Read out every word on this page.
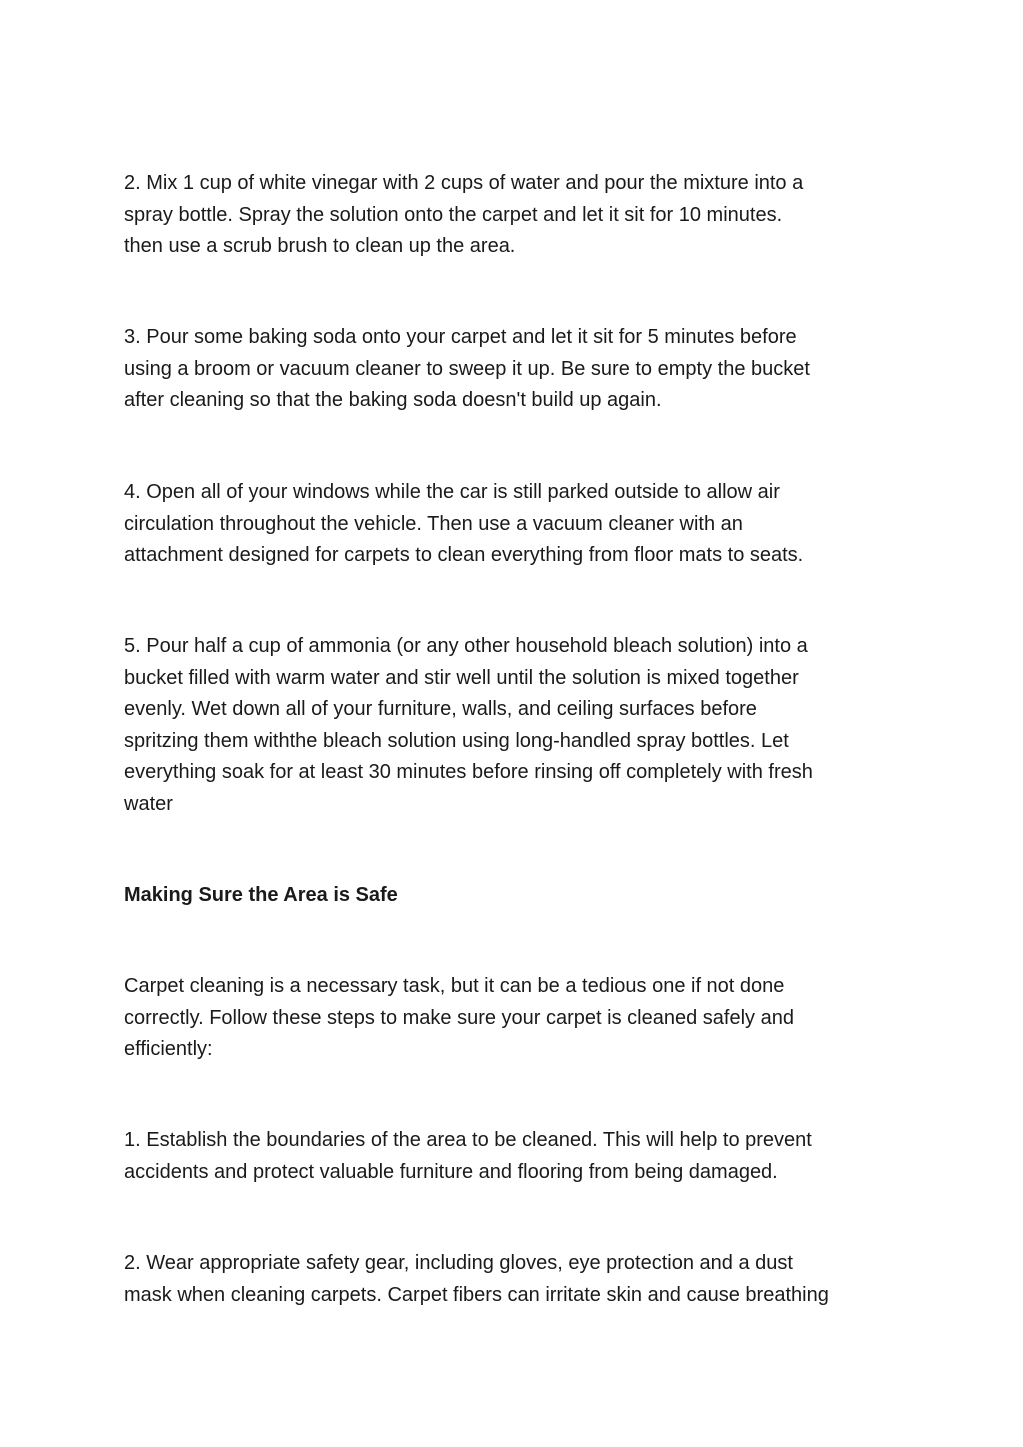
2. Mix 1 cup of white vinegar with 2 cups of water and pour the mixture into a
spray bottle. Spray the solution onto the carpet and let it sit for 10 minutes.
then use a scrub brush to clean up the area.

3. Pour some baking soda onto your carpet and let it sit for 5 minutes before
using a broom or vacuum cleaner to sweep it up. Be sure to empty the bucket
after cleaning so that the baking soda doesn't build up again.

4. Open all of your windows while the car is still parked outside to allow air
circulation throughout the vehicle. Then use a vacuum cleaner with an
attachment designed for carpets to clean everything from floor mats to seats.

5. Pour half a cup of ammonia (or any other household bleach solution) into a
bucket filled with warm water and stir well until the solution is mixed together
evenly. Wet down all of your furniture, walls, and ceiling surfaces before
spritzing them withthe bleach solution using long-handled spray bottles. Let
everything soak for at least 30 minutes before rinsing off completely with fresh
water

Making Sure the Area is Safe

Carpet cleaning is a necessary task, but it can be a tedious one if not done
correctly. Follow these steps to make sure your carpet is cleaned safely and
efficiently:

1. Establish the boundaries of the area to be cleaned. This will help to prevent
accidents and protect valuable furniture and flooring from being damaged.

2. Wear appropriate safety gear, including gloves, eye protection and a dust
mask when cleaning carpets. Carpet fibers can irritate skin and cause breathing
